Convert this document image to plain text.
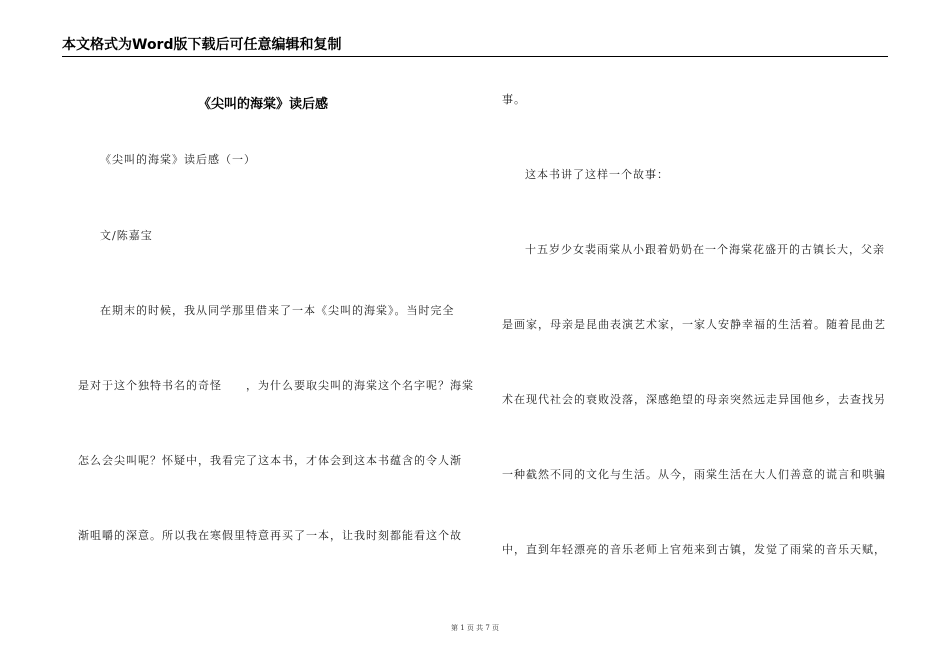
本文格式为Word版下载后可任意编辑和复制
《尖叫的海棠》读后感
《尖叫的海棠》读后感（一）
文/陈嘉宝
在期末的时候，我从同学那里借来了一本《尖叫的海棠》。当时完全
是对于这个独特书名的奇怪　　，为什么要取尖叫的海棠这个名字呢？海棠
怎么会尖叫呢？怀疑中，我看完了这本书，才体会到这本书蕴含的令人渐
渐咀嚼的深意。所以我在寒假里特意再买了一本，让我时刻都能看这个故
事。
这本书讲了这样一个故事：
十五岁少女裴雨棠从小跟着奶奶在一个海棠花盛开的古镇长大，父亲
是画家，母亲是昆曲表演艺术家，一家人安静幸福的生活着。随着昆曲艺
术在现代社会的衰败没落，深感绝望的母亲突然远走异国他乡，去查找另
一种截然不同的文化与生活。从今，雨棠生活在大人们善意的谎言和哄骗
中，直到年轻漂亮的音乐老师上官苑来到古镇，发觉了雨棠的音乐天赋，
第 1 页 共 7 页
